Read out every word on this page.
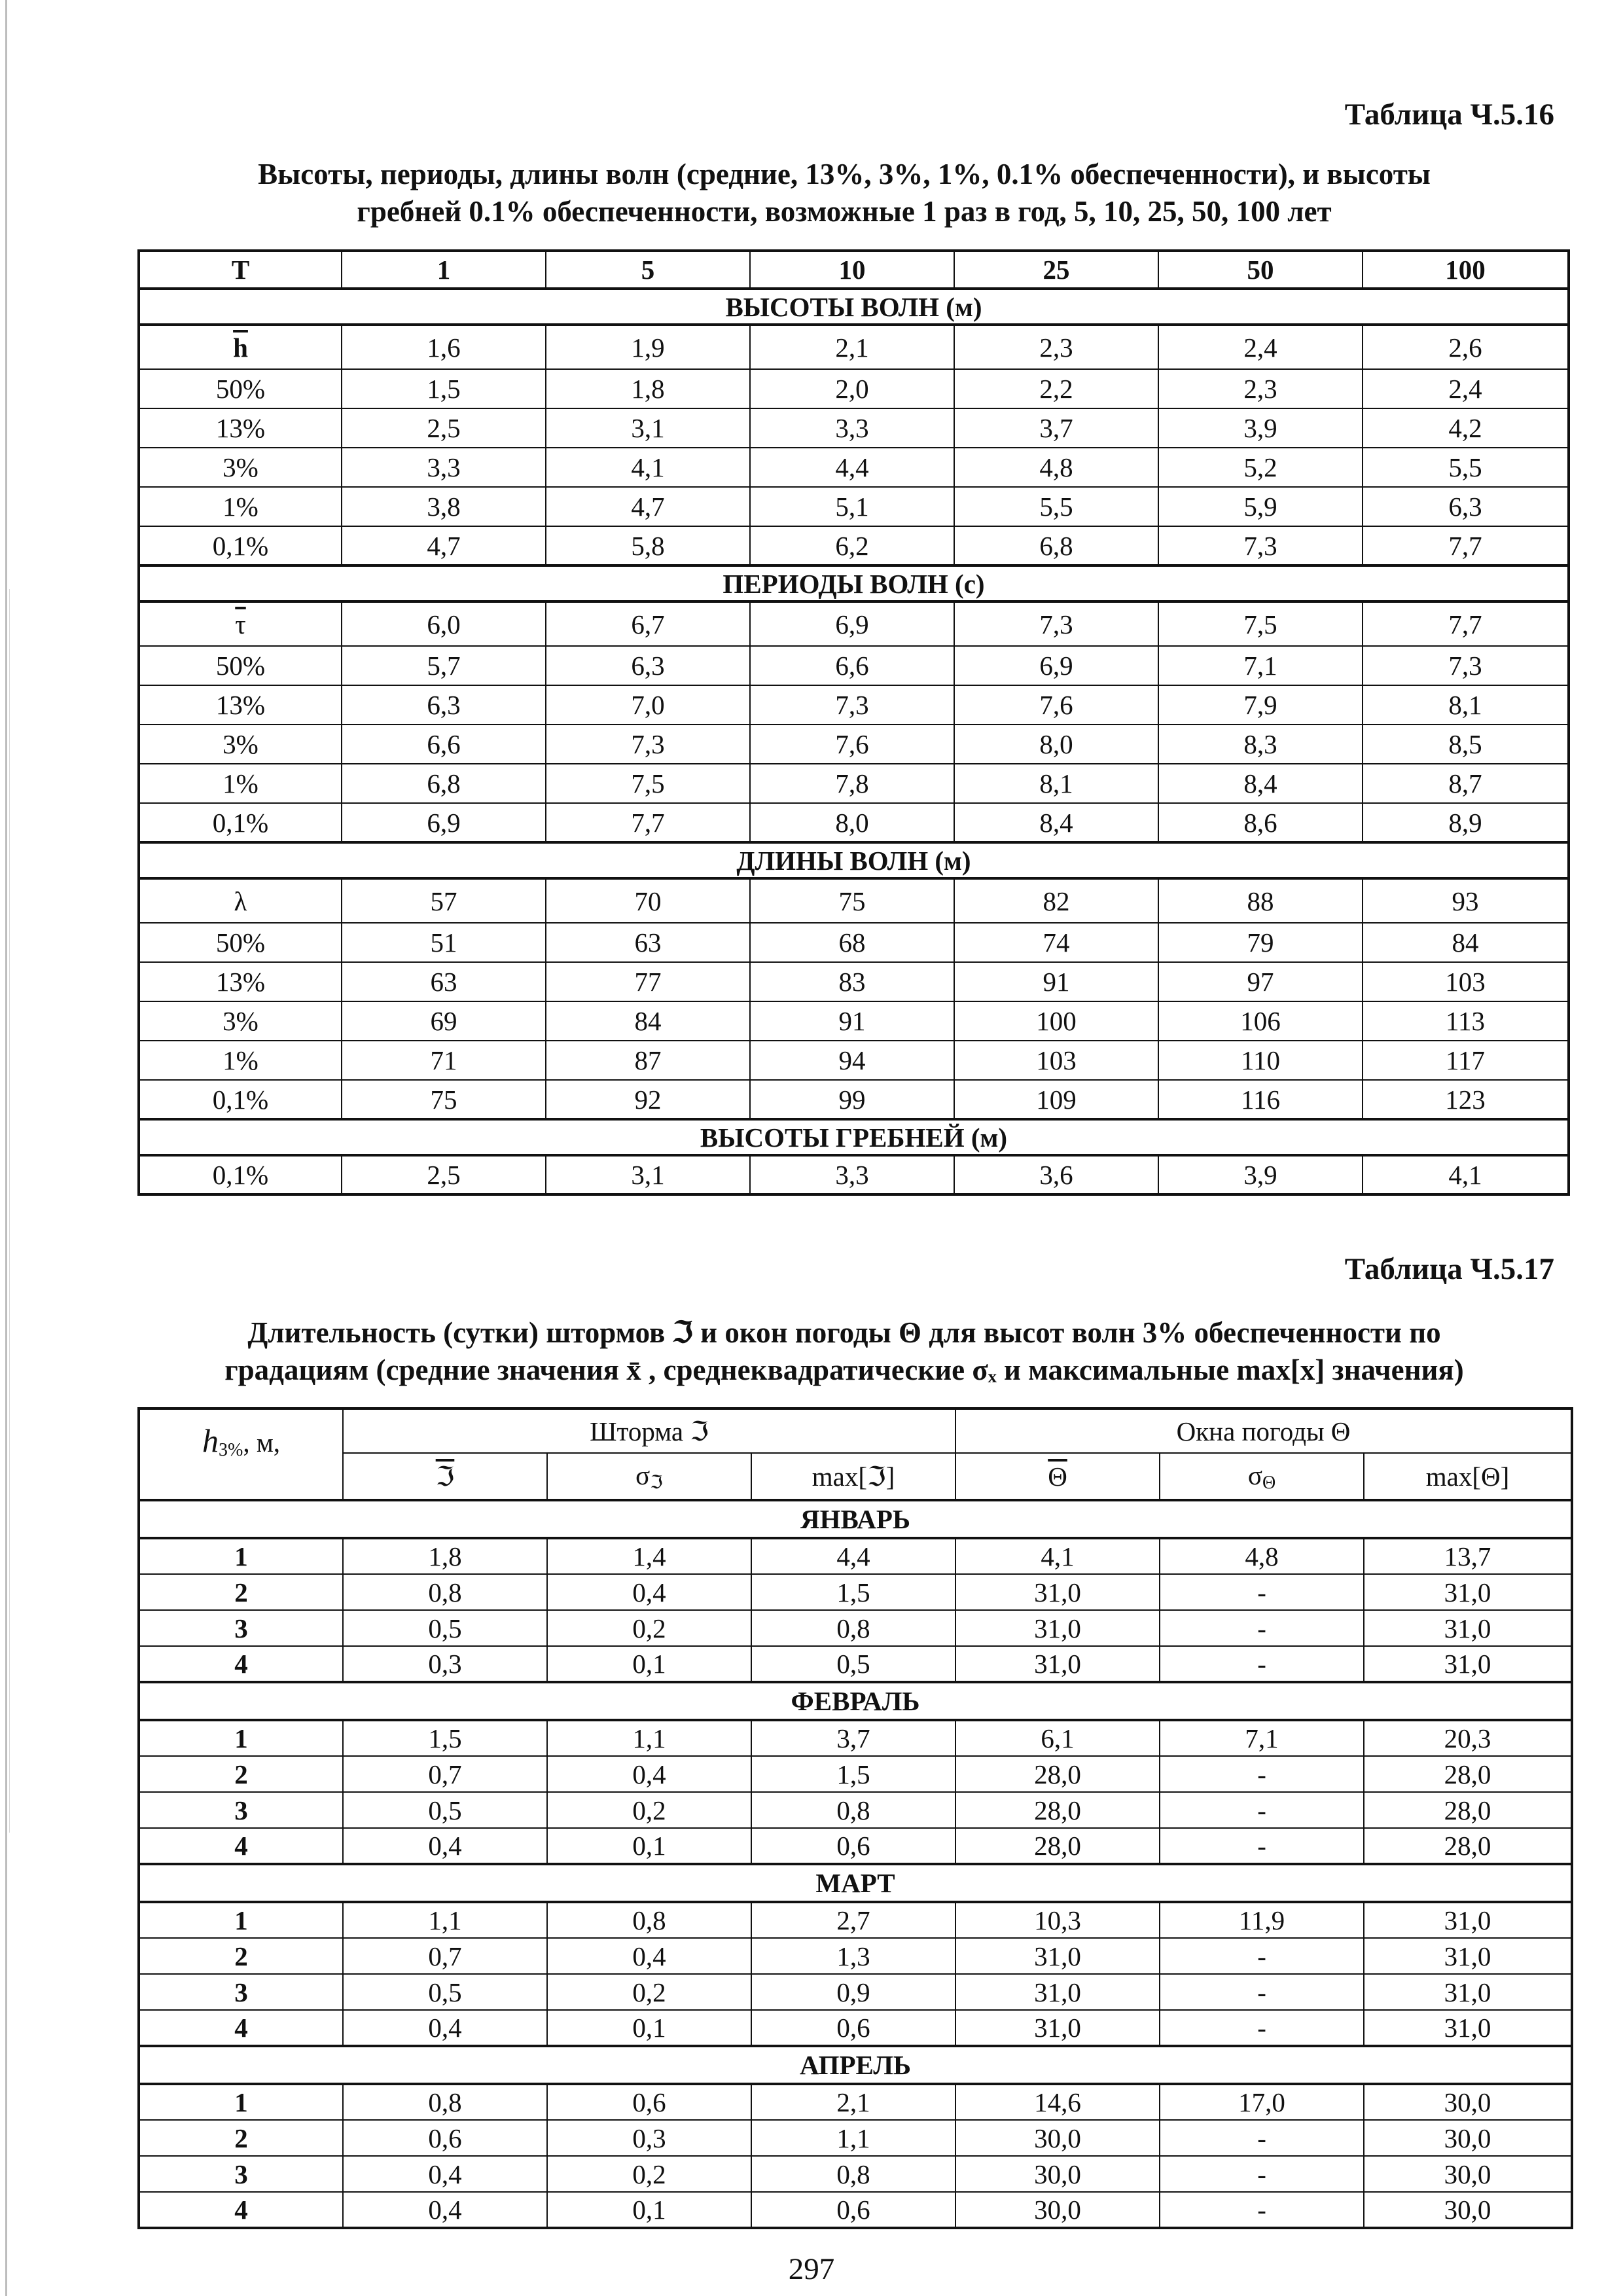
Таблица Ч.5.16
Высоты, периоды, длины волн (средние, 13%, 3%, 1%, 0.1% обеспеченности), и высоты
гребней 0.1% обеспеченности, возможные 1 раз в год, 5, 10, 25, 50, 100 лет
T	1	5	10	25	50	100
ВЫСОТЫ ВОЛН (м)						
$\overline{h}$	1,6	1,9	2,1	2,3	2,4	2,6
50%	1,5	1,8	2,0	2,2	2,3	2,4
13%	2,5	3,1	3,3	3,7	3,9	4,2
3%	3,3	4,1	4,4	4,8	5,2	5,5
1%	3,8	4,7	5,1	5,5	5,9	6,3
0,1%	4,7	5,8	6,2	6,8	7,3	7,7
ПЕРИОДЫ ВОЛН (с)						
$\overline{\tau}$	6,0	6,7	6,9	7,3	7,5	7,7
50%	5,7	6,3	6,6	6,9	7,1	7,3
13%	6,3	7,0	7,3	7,6	7,9	8,1
3%	6,6	7,3	7,6	8,0	8,3	8,5
1%	6,8	7,5	7,8	8,1	8,4	8,7
0,1%	6,9	7,7	8,0	8,4	8,6	8,9
ДЛИНЫ ВОЛН (м)						
λ	57	70	75	82	88	93
50%	51	63	68	74	79	84
13%	63	77	83	91	97	103
3%	69	84	91	100	106	113
1%	71	87	94	103	110	117
0,1%	75	92	99	109	116	123
ВЫСОТЫ ГРЕБНЕЙ (м)						
0,1%	2,5	3,1	3,3	3,6	3,9	4,1
Таблица Ч.5.17
Длительность (сутки) штормов ℑ и окон погоды Θ для высот волн 3% обеспеченности по
градациям (средние значения x̄ , среднеквадратические σₓ и максимальные max[x] значения)
$h_{3\%}$, м,	Шторма ℑ			Окна погоды Θ		
	ℑ	$\sigma_ℑ$	max[ℑ]	$\overline{\Theta}$	$\sigma_\Theta$	max[Θ]
ЯНВАРЬ						
1	1,8	1,4	4,4	4,1	4,8	13,7
2	0,8	0,4	1,5	31,0	-	31,0
3	0,5	0,2	0,8	31,0	-	31,0
4	0,3	0,1	0,5	31,0	-	31,0
ФЕВРАЛЬ						
1	1,5	1,1	3,7	6,1	7,1	20,3
2	0,7	0,4	1,5	28,0	-	28,0
3	0,5	0,2	0,8	28,0	-	28,0
4	0,4	0,1	0,6	28,0	-	28,0
МАРТ						
1	1,1	0,8	2,7	10,3	11,9	31,0
2	0,7	0,4	1,3	31,0	-	31,0
3	0,5	0,2	0,9	31,0	-	31,0
4	0,4	0,1	0,6	31,0	-	31,0
АПРЕЛЬ						
1	0,8	0,6	2,1	14,6	17,0	30,0
2	0,6	0,3	1,1	30,0	-	30,0
3	0,4	0,2	0,8	30,0	-	30,0
4	0,4	0,1	0,6	30,0	-	30,0
297
